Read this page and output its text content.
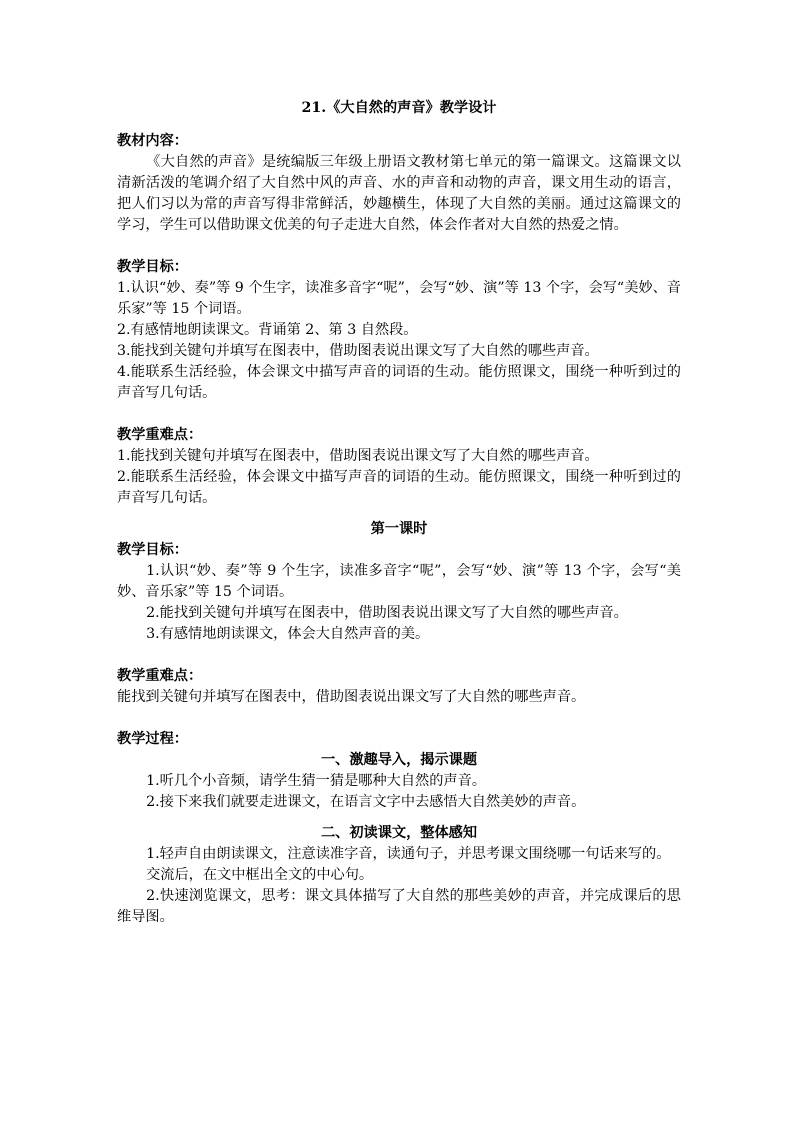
21.《大自然的声音》教学设计

教材内容：

《大自然的声音》是统编版三年级上册语文教材第七单元的第一篇课文。这篇课文以清新活泼的笔调介绍了大自然中风的声音、水的声音和动物的声音，课文用生动的语言，把人们习以为常的声音写得非常鲜活，妙趣横生，体现了大自然的美丽。通过这篇课文的学习，学生可以借助课文优美的句子走进大自然，体会作者对大自然的热爱之情。

教学目标：

1.认识“妙、奏”等 9 个生字，读准多音字“呢”，会写“妙、演”等 13 个字，会写“美妙、音乐家”等 15 个词语。

2.有感情地朗读课文。背诵第 2、第 3 自然段。

3.能找到关键句并填写在图表中，借助图表说出课文写了大自然的哪些声音。

4.能联系生活经验，体会课文中描写声音的词语的生动。能仿照课文，围绕一种听到过的声音写几句话。

教学重难点：

1.能找到关键句并填写在图表中，借助图表说出课文写了大自然的哪些声音。

2.能联系生活经验，体会课文中描写声音的词语的生动。能仿照课文，围绕一种听到过的声音写几句话。

第一课时

教学目标：

1.认识“妙、奏”等 9 个生字，读准多音字“呢”，会写“妙、演”等 13 个字，会写“美妙、音乐家”等 15 个词语。

2.能找到关键句并填写在图表中，借助图表说出课文写了大自然的哪些声音。

3.有感情地朗读课文，体会大自然声音的美。

教学重难点：

能找到关键句并填写在图表中，借助图表说出课文写了大自然的哪些声音。

教学过程：

一、激趣导入，揭示课题

1.听几个小音频，请学生猜一猜是哪种大自然的声音。

2.接下来我们就要走进课文，在语言文字中去感悟大自然美妙的声音。

二、初读课文，整体感知

1.轻声自由朗读课文，注意读准字音，读通句子，并思考课文围绕哪一句话来写的。

交流后，在文中框出全文的中心句。

2.快速浏览课文，思考：课文具体描写了大自然的那些美妙的声音，并完成课后的思维导图。
